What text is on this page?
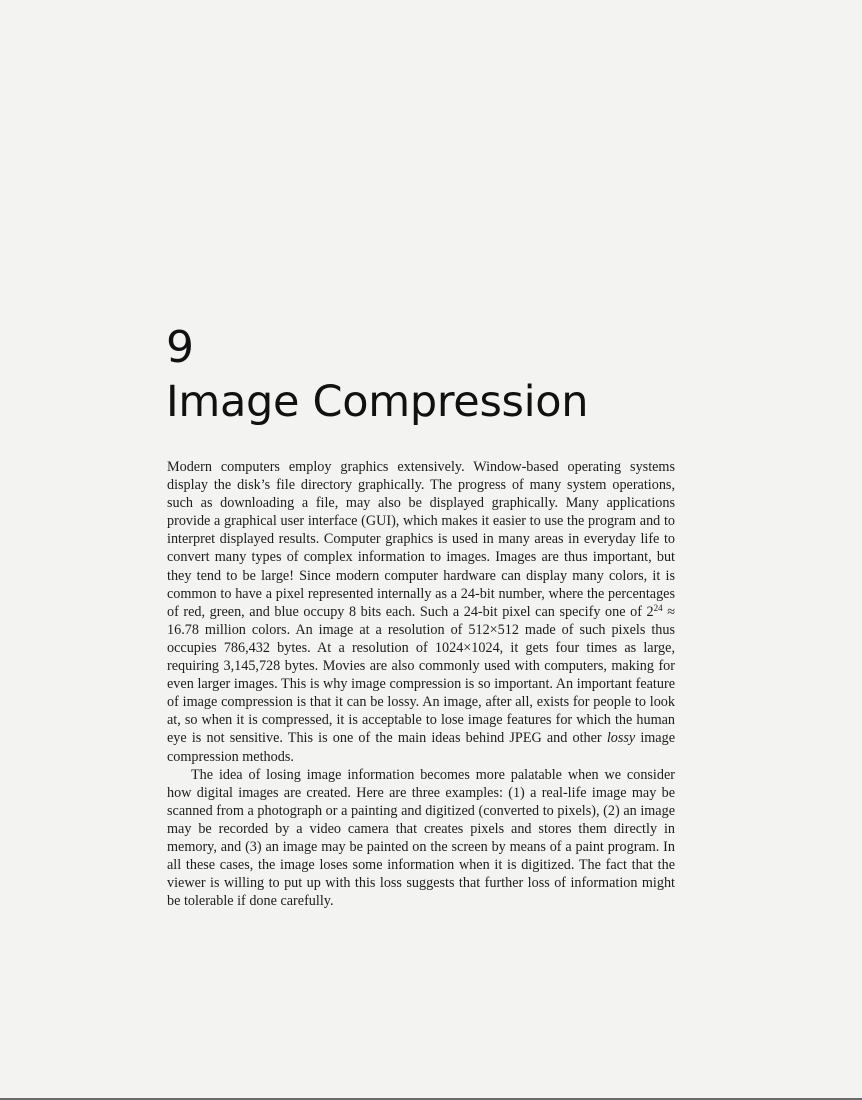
9
Image Compression

Modern computers employ graphics extensively. Window-based operating systems display the disk’s file directory graphically. The progress of many system operations, such as downloading a file, may also be displayed graphically. Many applications provide a graphical user interface (GUI), which makes it easier to use the program and to interpret displayed results. Computer graphics is used in many areas in everyday life to convert many types of complex information to images. Images are thus important, but they tend to be large! Since modern computer hardware can display many colors, it is common to have a pixel represented internally as a 24-bit number, where the percentages of red, green, and blue occupy 8 bits each. Such a 24-bit pixel can specify one of $2^{24} \approx 16.78$ million colors. An image at a resolution of 512×512 made of such pixels thus occupies 786,432 bytes. At a resolution of 1024×1024, it gets four times as large, requiring 3,145,728 bytes. Movies are also commonly used with computers, making for even larger images. This is why image compression is so important. An important feature of image compression is that it can be lossy. An image, after all, exists for people to look at, so when it is compressed, it is acceptable to lose image features for which the human eye is not sensitive. This is one of the main ideas behind JPEG and other lossy image compression methods.

The idea of losing image information becomes more palatable when we consider how digital images are created. Here are three examples: (1) a real-life image may be scanned from a photograph or a painting and digitized (converted to pixels), (2) an image may be recorded by a video camera that creates pixels and stores them directly in memory, and (3) an image may be painted on the screen by means of a paint program. In all these cases, the image loses some information when it is digitized. The fact that the viewer is willing to put up with this loss suggests that further loss of information might be tolerable if done carefully.
